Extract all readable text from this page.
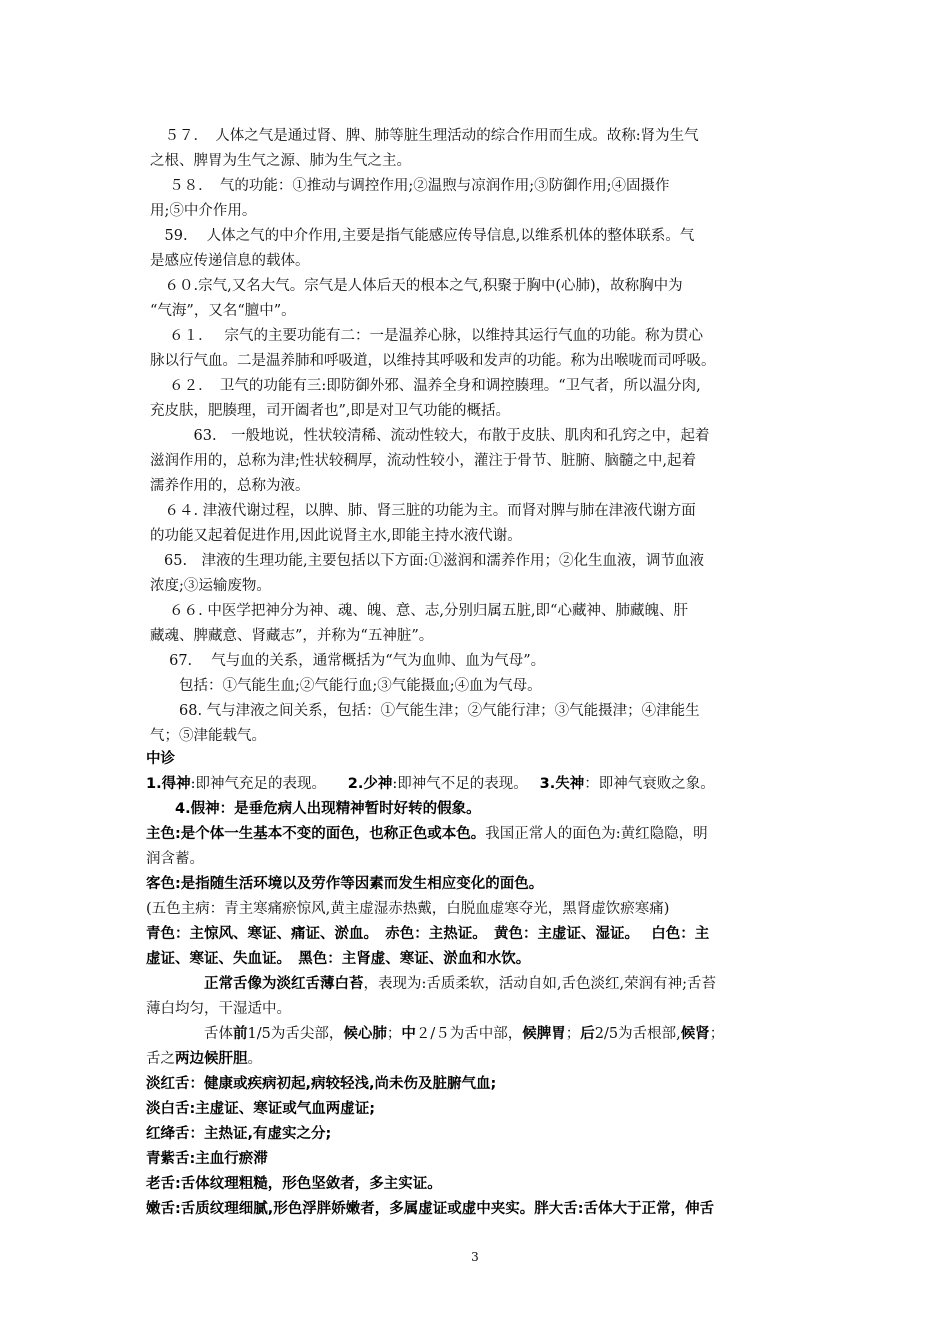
　５７．　人体之气是通过肾、脾、肺等脏生理活动的综合作用而生成。故称:肾为生气
之根、脾胃为生气之源、肺为生气之主。
　 ５８．　气的功能：①推动与调控作用;②温煦与凉润作用;③防御作用;④固摄作
用;⑤中介作用。
　59.　 人体之气的中介作用,主要是指气能感应传导信息,以维系机体的整体联系。气
是感应传递信息的载体。
　６０.宗气,又名大气。宗气是人体后天的根本之气,积聚于胸中(心肺)，故称胸中为
“气海”，又名“膻中”。
　 ６１．　 宗气的主要功能有二：一是温养心脉，以维持其运行气血的功能。称为贯心
脉以行气血。二是温养肺和呼吸道，以维持其呼吸和发声的功能。称为出喉咙而司呼吸。
　 ６２．　卫气的功能有三:即防御外邪、温养全身和调控腠理。“卫气者，所以温分肉,
充皮肤，肥腠理，司开阖者也”,即是对卫气功能的概括。
　　　63.　一般地说，性状较清稀、流动性较大，布散于皮肤、肌肉和孔窍之中，起着
滋润作用的，总称为津;性状较稠厚，流动性较小，灌注于骨节、脏腑、脑髓之中,起着
濡养作用的，总称为液。
　６４. 津液代谢过程，以脾、肺、肾三脏的功能为主。而肾对脾与肺在津液代谢方面
的功能又起着促进作用,因此说肾主水,即能主持水液代谢。
65.　津液的生理功能,主要包括以下方面:①滋润和濡养作用；②化生血液，调节血液
浓度;③运输废物。
　 ６６. 中医学把神分为神、魂、魄、意、志,分别归属五脏,即“心藏神、肺藏魄、肝
藏魂、脾藏意、肾藏志”，并称为“五神脏”。
　 67.　 气与血的关系，通常概括为“气为血帅、血为气母”。
　　包括：①气能生血;②气能行血;③气能摄血;④血为气母。
　　68. 气与津液之间关系，包括：①气能生津；②气能行津；③气能摄津；④津能生
气；⑤津能载气。
中诊
1.得神:即神气充足的表现。　　2.少神:即神气不足的表现。　 3.失神：即神气衰败之象。
　　4.假神：是垂危病人出现精神暂时好转的假象。
主色:是个体一生基本不变的面色，也称正色或本色。我国正常人的面色为:黄红隐隐，明
润含蓄。
客色:是指随生活环境以及劳作等因素而发生相应变化的面色。
(五色主病：青主寒痛瘀惊风,黄主虚湿赤热戴，白脱血虚寒夺光，黑肾虚饮瘀寒痛)
青色：主惊风、寒证、痛证、淤血。　赤色：主热证。　黄色：主虚证、湿证。　 白色：主
虚证、寒证、失血证。　黑色：主肾虚、寒证、淤血和水饮。
　　　　正常舌像为淡红舌薄白苔，表现为:舌质柔软，活动自如,舌色淡红,荣润有神;舌苔
薄白均匀，干湿适中。
　　　　舌体前1/5为舌尖部，候心肺；中２/５为舌中部，候脾胃；后2/5为舌根部,候肾；
舌之两边候肝胆。
淡红舌：健康或疾病初起,病较轻浅,尚未伤及脏腑气血;
淡白舌:主虚证、寒证或气血两虚证;
红绛舌：主热证,有虚实之分;
青紫舌:主血行瘀滞
老舌:舌体纹理粗糙，形色坚敛者，多主实证。
嫩舌:舌质纹理细腻,形色浮胖娇嫩者，多属虚证或虚中夹实。胖大舌:舌体大于正常，伸舌
3
